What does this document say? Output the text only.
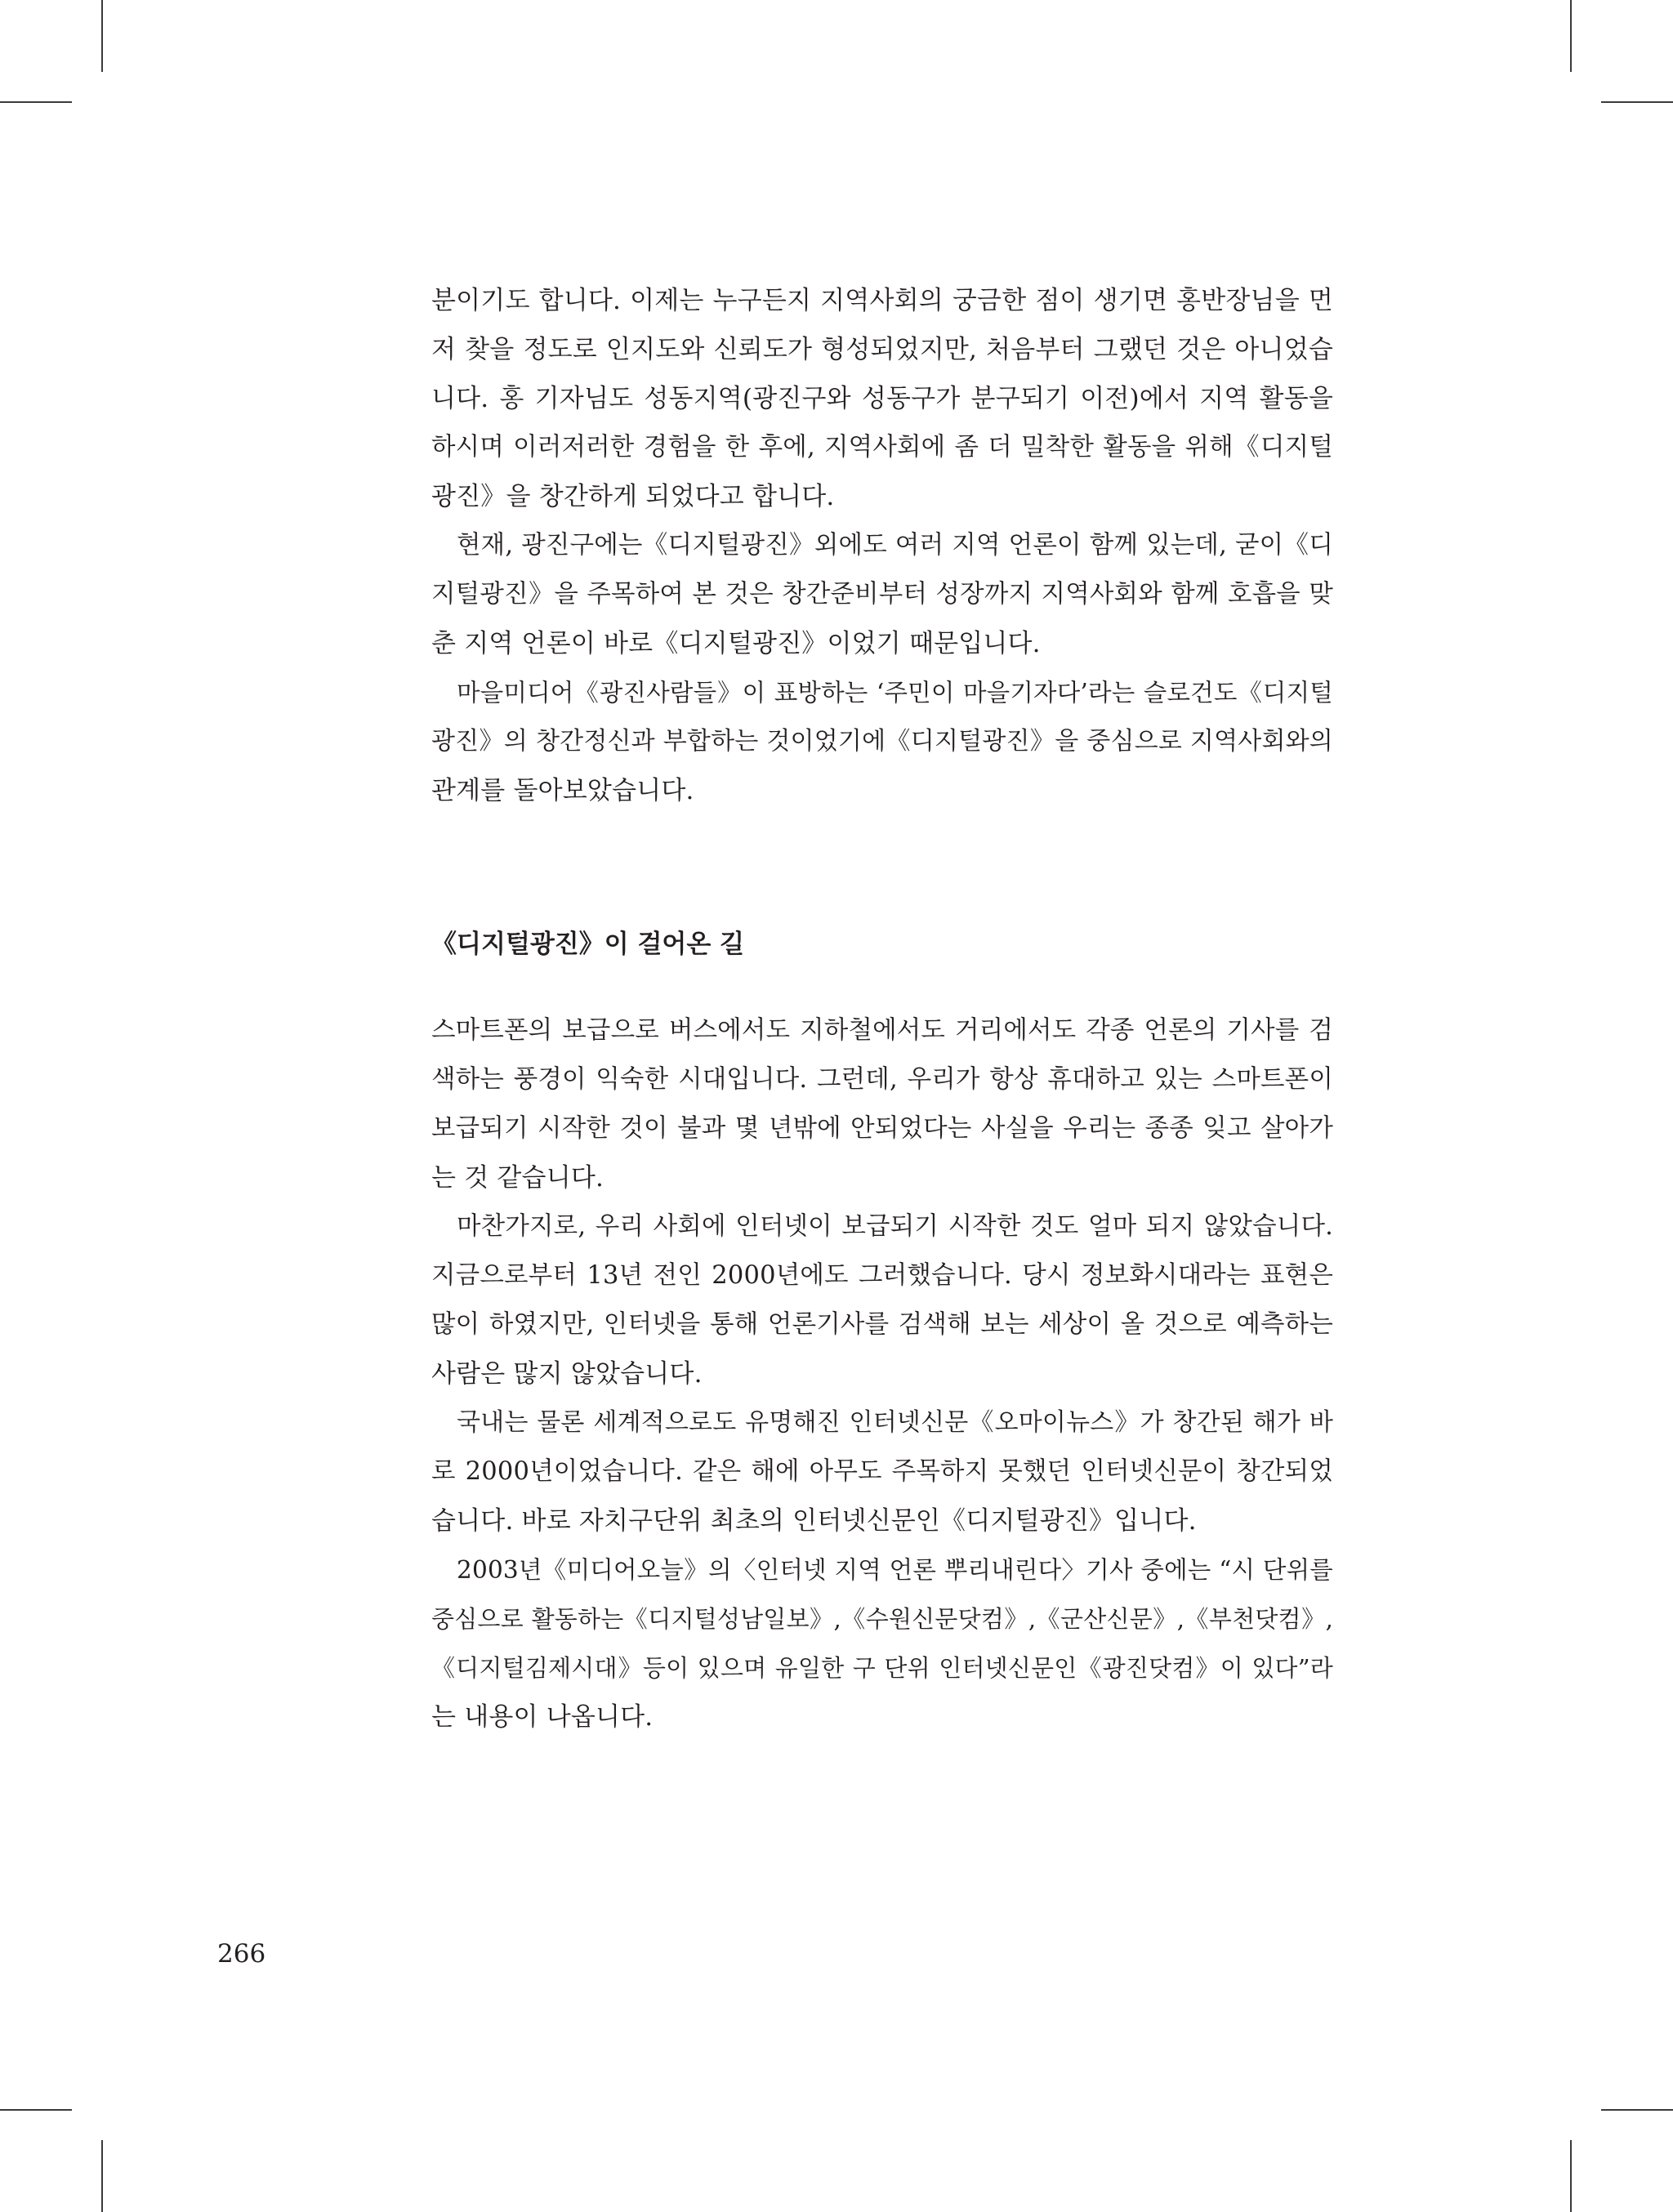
분이기도 합니다. 이제는 누구든지 지역사회의 궁금한 점이 생기면 홍반장님을 먼
저 찾을 정도로 인지도와 신뢰도가 형성되었지만, 처음부터 그랬던 것은 아니었습
니다. 홍 기자님도 성동지역(광진구와 성동구가 분구되기 이전)에서 지역 활동을
하시며 이러저러한 경험을 한 후에, 지역사회에 좀 더 밀착한 활동을 위해《디지털
광진》을 창간하게 되었다고 합니다.
현재, 광진구에는《디지털광진》외에도 여러 지역 언론이 함께 있는데, 굳이《디
지털광진》을 주목하여 본 것은 창간준비부터 성장까지 지역사회와 함께 호흡을 맞
춘 지역 언론이 바로《디지털광진》이었기 때문입니다.
마을미디어《광진사람들》이 표방하는 ‘주민이 마을기자다’라는 슬로건도《디지털
광진》의 창간정신과 부합하는 것이었기에《디지털광진》을 중심으로 지역사회와의
관계를 돌아보았습니다.
《디지털광진》이 걸어온 길
스마트폰의 보급으로 버스에서도 지하철에서도 거리에서도 각종 언론의 기사를 검
색하는 풍경이 익숙한 시대입니다. 그런데, 우리가 항상 휴대하고 있는 스마트폰이
보급되기 시작한 것이 불과 몇 년밖에 안되었다는 사실을 우리는 종종 잊고 살아가
는 것 같습니다.
마찬가지로, 우리 사회에 인터넷이 보급되기 시작한 것도 얼마 되지 않았습니다.
지금으로부터 13년 전인 2000년에도 그러했습니다. 당시 정보화시대라는 표현은
많이 하였지만, 인터넷을 통해 언론기사를 검색해 보는 세상이 올 것으로 예측하는
사람은 많지 않았습니다.
국내는 물론 세계적으로도 유명해진 인터넷신문《오마이뉴스》가 창간된 해가 바
로 2000년이었습니다. 같은 해에 아무도 주목하지 못했던 인터넷신문이 창간되었
습니다. 바로 자치구단위 최초의 인터넷신문인《디지털광진》입니다.
2003년《미디어오늘》의〈인터넷 지역 언론 뿌리내린다〉기사 중에는 “시 단위를
중심으로 활동하는《디지털성남일보》,《수원신문닷컴》,《군산신문》,《부천닷컴》,
《디지털김제시대》등이 있으며 유일한 구 단위 인터넷신문인《광진닷컴》이 있다”라
는 내용이 나옵니다.
266
